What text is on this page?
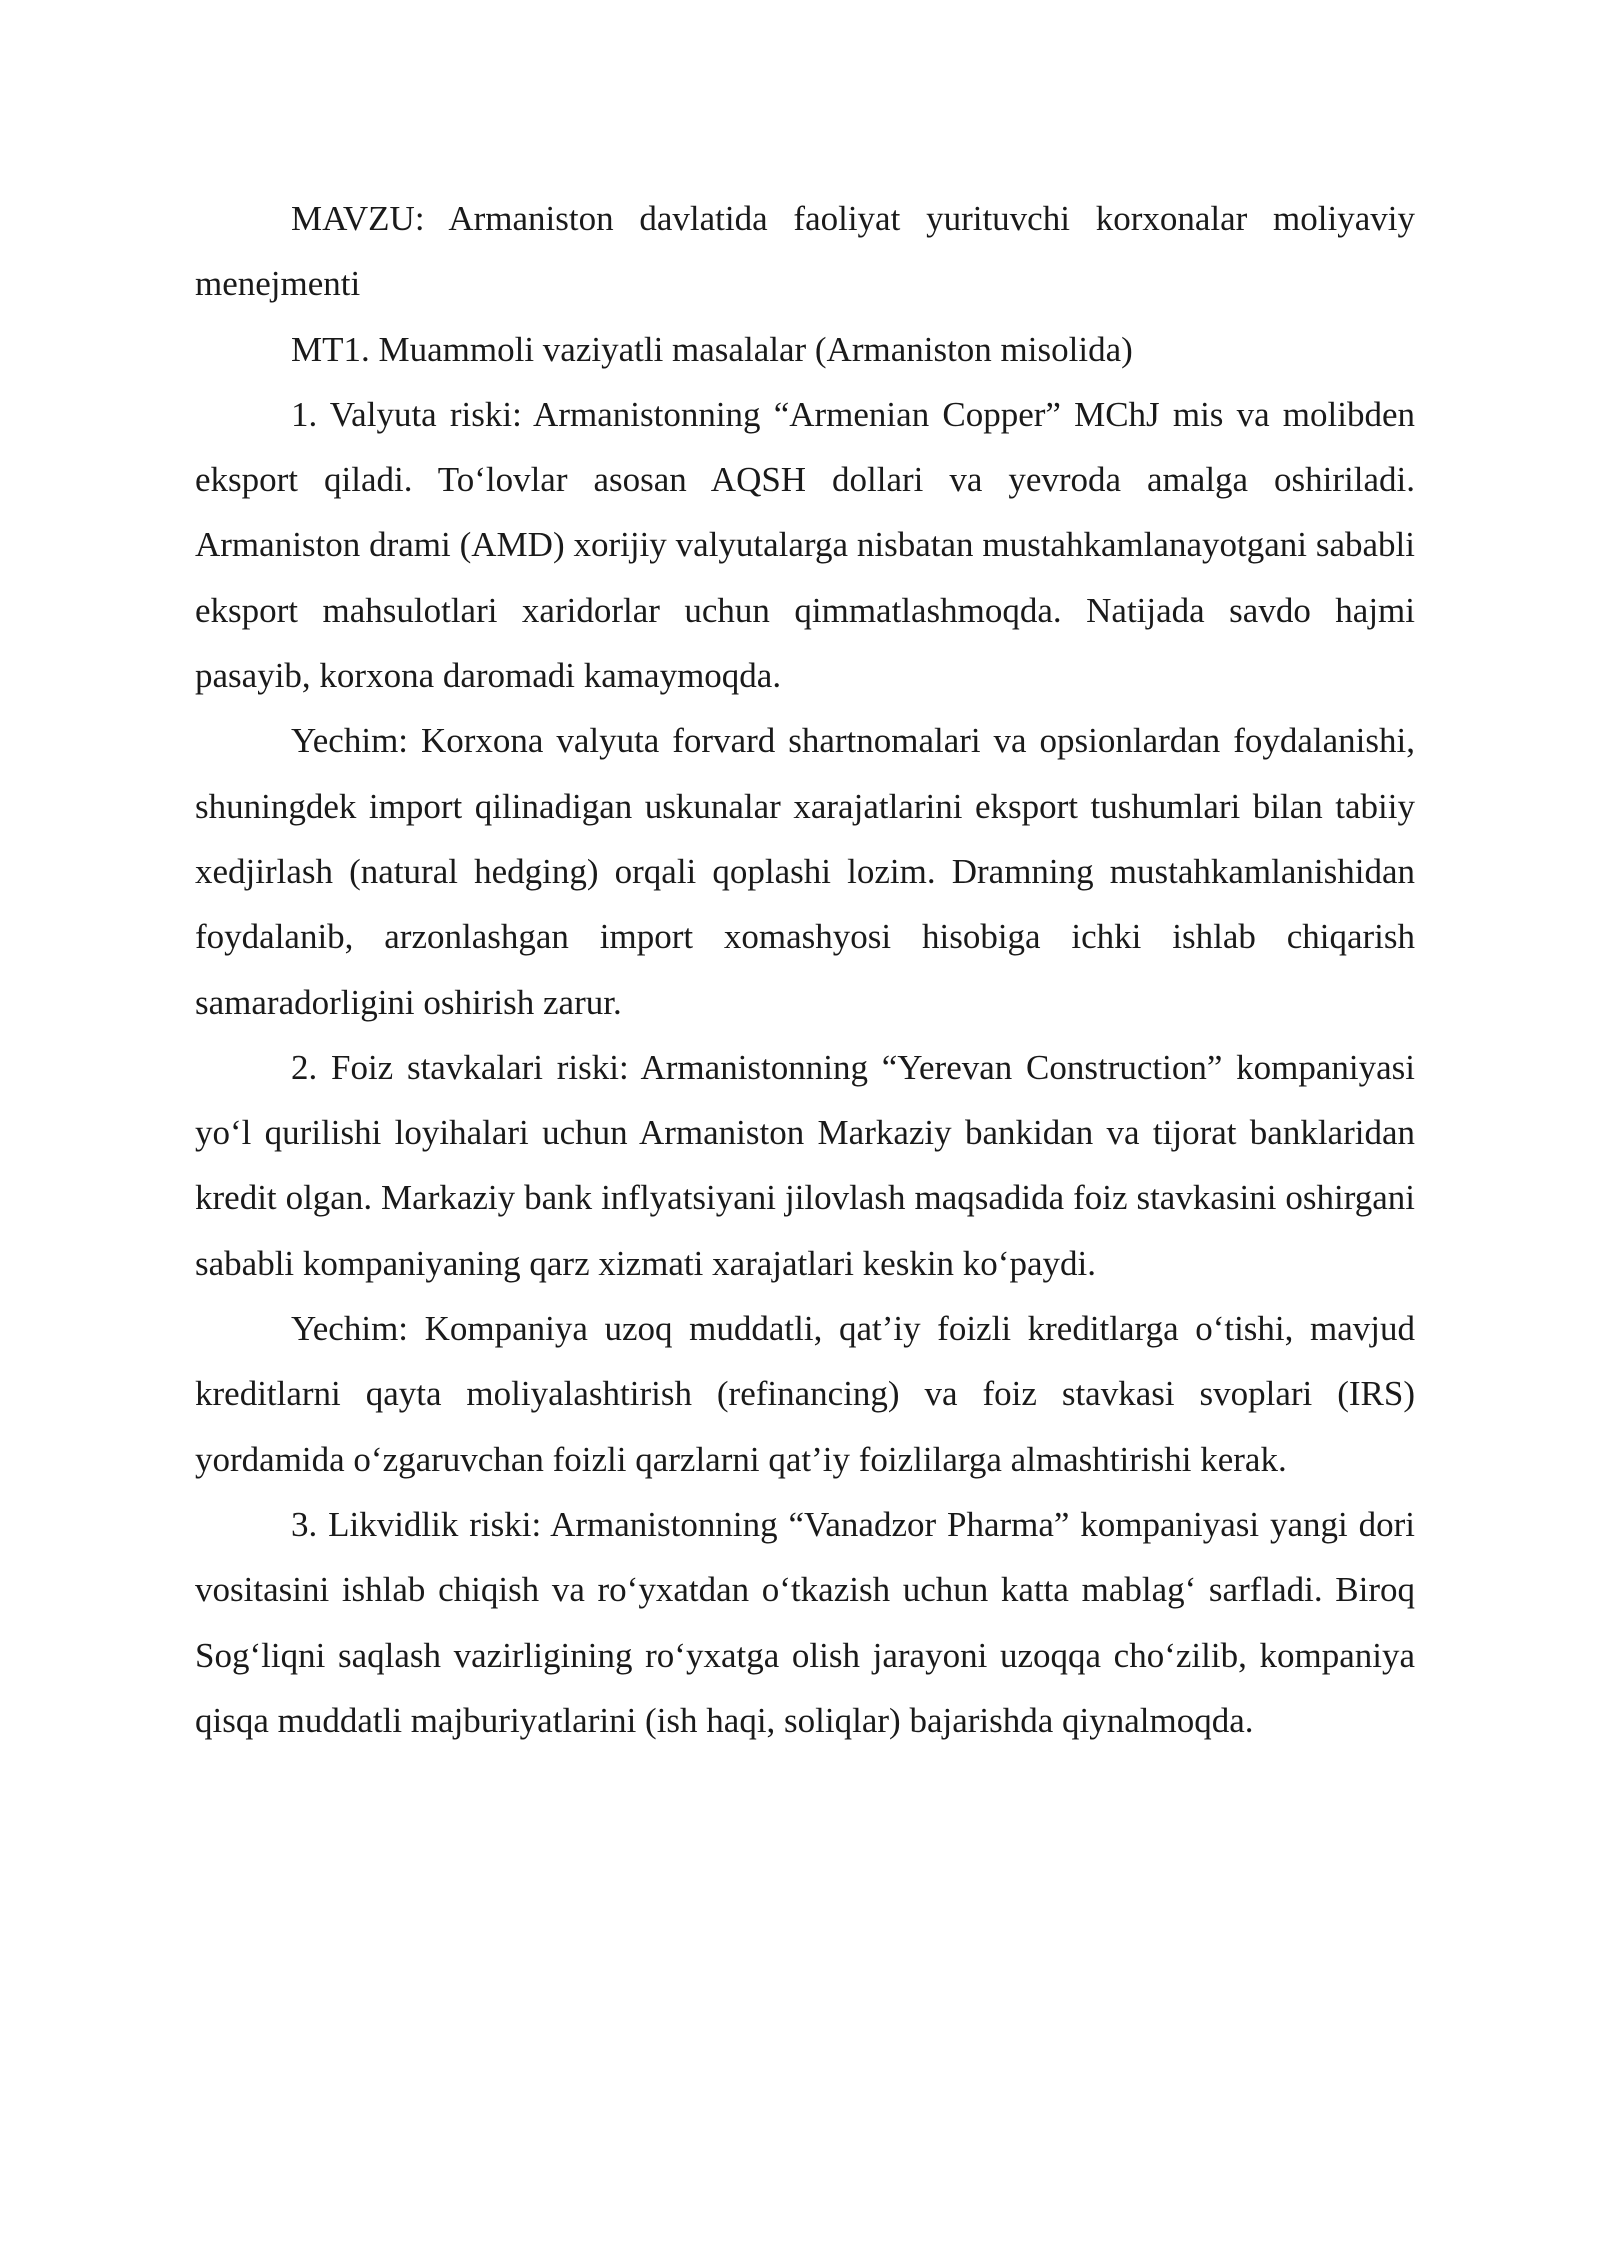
MAVZU: Armaniston davlatida faoliyat yurituvchi korxonalar moliyaviy menejmenti

MT1. Muammoli vaziyatli masalalar (Armaniston misolida)

1. Valyuta riski: Armanistonning “Armenian Copper” MChJ mis va molibden eksport qiladi. To‘lovlar asosan AQSH dollari va yevroda amalga oshiriladi. Armaniston drami (AMD) xorijiy valyutalarga nisbatan mustahkamlanayotgani sababli eksport mahsulotlari xaridorlar uchun qimmatlashmoqda. Natijada savdo hajmi pasayib, korxona daromadi kamaymoqda.

Yechim: Korxona valyuta forvard shartnomalari va opsionlardan foydalanishi, shuningdek import qilinadigan uskunalar xarajatlarini eksport tushumlari bilan tabiiy xedjirlash (natural hedging) orqali qoplashi lozim. Dramning mustahkamlanishidan foydalanib, arzonlashgan import xomashyosi hisobiga ichki ishlab chiqarish samaradorligini oshirish zarur.

2. Foiz stavkalari riski: Armanistonning “Yerevan Construction” kompaniyasi yo‘l qurilishi loyihalari uchun Armaniston Markaziy bankidan va tijorat banklaridan kredit olgan. Markaziy bank inflyatsiyani jilovlash maqsadida foiz stavkasini oshirgani sababli kompaniyaning qarz xizmati xarajatlari keskin ko‘paydi.

Yechim: Kompaniya uzoq muddatli, qat’iy foizli kreditlarga o‘tishi, mavjud kreditlarni qayta moliyalashtirish (refinancing) va foiz stavkasi svoplari (IRS) yordamida o‘zgaruvchan foizli qarzlarni qat’iy foizlilarga almashtirishi kerak.

3. Likvidlik riski: Armanistonning “Vanadzor Pharma” kompaniyasi yangi dori vositasini ishlab chiqish va ro‘yxatdan o‘tkazish uchun katta mablag‘ sarfladi. Biroq Sog‘liqni saqlash vazirligining ro‘yxatga olish jarayoni uzoqqa cho‘zilib, kompaniya qisqa muddatli majburiyatlarini (ish haqi, soliqlar) bajarishda qiynalmoqda.
